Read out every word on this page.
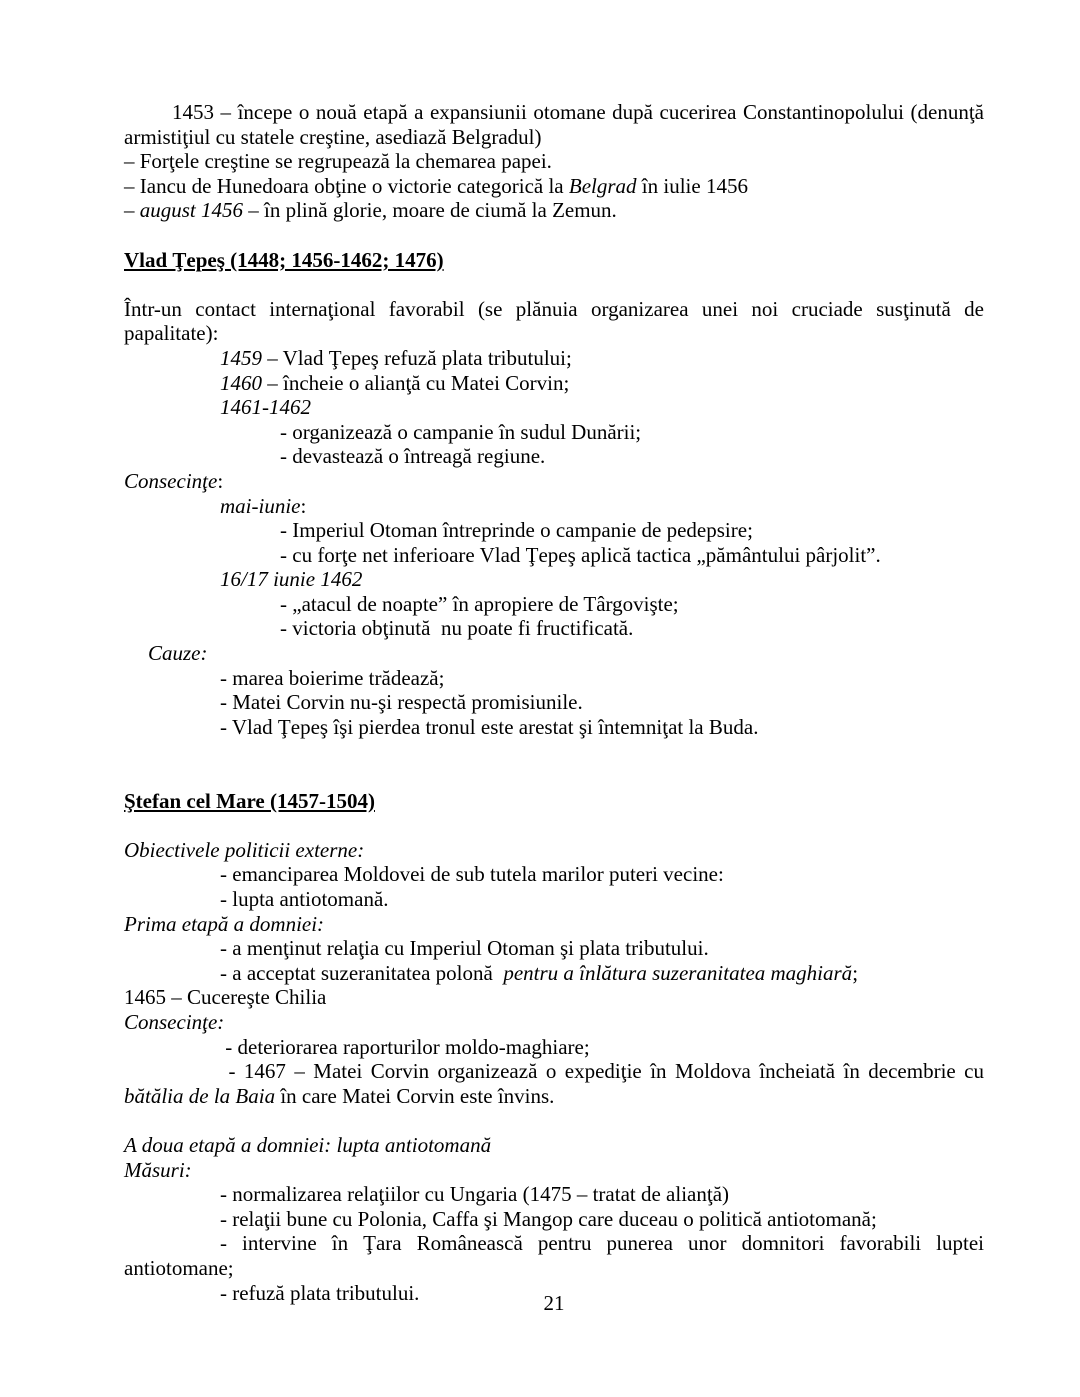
1453 – începe o nouă etapă a expansiunii otomane după cucerirea Constantinopolului (denunţă armistiţiul cu statele creştine, asediază Belgradul)

– Forţele creştine se regrupează la chemarea papei.

– Iancu de Hunedoara obţine o victorie categorică la Belgrad în iulie 1456

– august 1456 – în plină glorie, moare de ciumă la Zemun.

Vlad Ţepeş (1448; 1456-1462; 1476)

Într-un contact internaţional favorabil (se plănuia organizarea unei noi cruciade susţinută de papalitate):

1459 – Vlad Ţepeş refuză plata tributului;

1460 – încheie o alianţă cu Matei Corvin;

1461-1462

- organizează o campanie în sudul Dunării;

- devastează o întreagă regiune.

Consecinţe:

mai-iunie:

- Imperiul Otoman întreprinde o campanie de pedepsire;

- cu forţe net inferioare Vlad Ţepeş aplică tactica „pământului pârjolit”.

16/17 iunie 1462

- „atacul de noapte” în apropiere de Târgovişte;

- victoria obţinută  nu poate fi fructificată.

Cauze:

- marea boierime trădează;

- Matei Corvin nu-şi respectă promisiunile.

- Vlad Ţepeş îşi pierdea tronul este arestat şi întemniţat la Buda.

Ştefan cel Mare (1457-1504)

Obiectivele politicii externe:

- emanciparea Moldovei de sub tutela marilor puteri vecine:

- lupta antiotomană.

Prima etapă a domniei:

- a menţinut relaţia cu Imperiul Otoman şi plata tributului.

- a acceptat suzeranitatea polonă  pentru a înlătura suzeranitatea maghiară;

1465 – Cucereşte Chilia

Consecinţe:

- deteriorarea raporturilor moldo-maghiare;

- 1467 – Matei Corvin organizează o expediţie în Moldova încheiată în decembrie cu bătălia de la Baia în care Matei Corvin este învins.

A doua etapă a domniei: lupta antiotomană

Măsuri:

- normalizarea relaţiilor cu Ungaria (1475 – tratat de alianţă)

- relaţii bune cu Polonia, Caffa şi Mangop care duceau o politică antiotomană;

- intervine în Ţara Românească pentru punerea unor domnitori favorabili luptei antiotomane;

- refuză plata tributului.	21
